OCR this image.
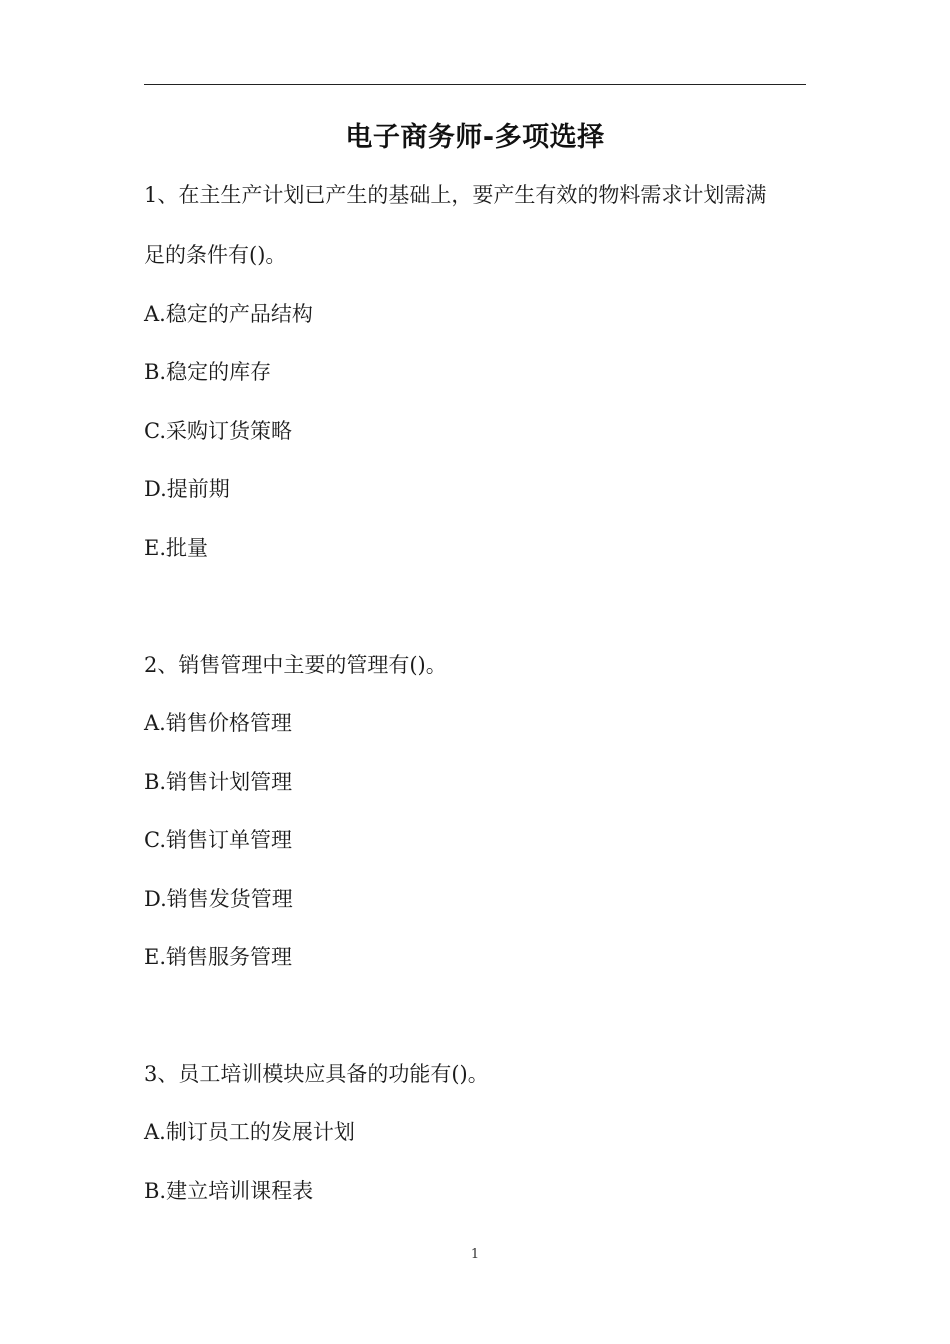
电子商务师-多项选择
1、在主生产计划已产生的基础上，要产生有效的物料需求计划需满
足的条件有()。
A.稳定的产品结构
B.稳定的库存
C.采购订货策略
D.提前期
E.批量
2、销售管理中主要的管理有()。
A.销售价格管理
B.销售计划管理
C.销售订单管理
D.销售发货管理
E.销售服务管理
3、员工培训模块应具备的功能有()。
A.制订员工的发展计划
B.建立培训课程表
1
